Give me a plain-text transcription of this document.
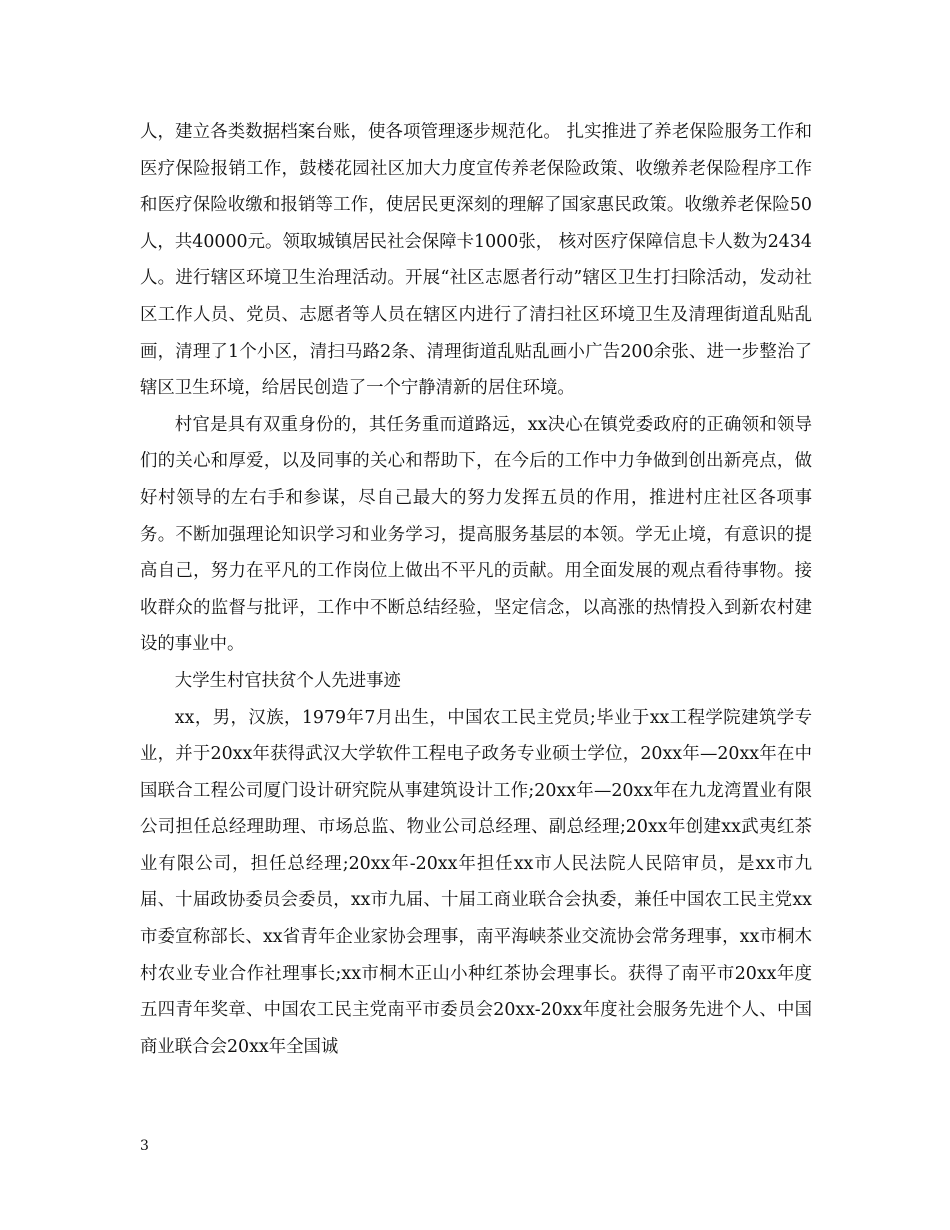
人，建立各类数据档案台账，使各项管理逐步规范化。 扎实推进了养老保险服务工作和医疗保险报销工作，鼓楼花园社区加大力度宣传养老保险政策、收缴养老保险程序工作和医疗保险收缴和报销等工作，使居民更深刻的理解了国家惠民政策。收缴养老保险50人，共40000元。领取城镇居民社会保障卡1000张， 核对医疗保障信息卡人数为2434人。进行辖区环境卫生治理活动。开展“社区志愿者行动”辖区卫生打扫除活动，发动社区工作人员、党员、志愿者等人员在辖区内进行了清扫社区环境卫生及清理街道乱贴乱画，清理了1个小区，清扫马路2条、清理街道乱贴乱画小广告200余张、进一步整治了辖区卫生环境，给居民创造了一个宁静清新的居住环境。

村官是具有双重身份的，其任务重而道路远，xx决心在镇党委政府的正确领和领导们的关心和厚爱，以及同事的关心和帮助下，在今后的工作中力争做到创出新亮点，做好村领导的左右手和参谋，尽自己最大的努力发挥五员的作用，推进村庄社区各项事务。不断加强理论知识学习和业务学习，提高服务基层的本领。学无止境，有意识的提高自己，努力在平凡的工作岗位上做出不平凡的贡献。用全面发展的观点看待事物。接收群众的监督与批评，工作中不断总结经验，坚定信念，以高涨的热情投入到新农村建设的事业中。

大学生村官扶贫个人先进事迹

xx，男，汉族，1979年7月出生，中国农工民主党员;毕业于xx工程学院建筑学专业，并于20xx年获得武汉大学软件工程电子政务专业硕士学位，20xx年—20xx年在中国联合工程公司厦门设计研究院从事建筑设计工作;20xx年—20xx年在九龙湾置业有限公司担任总经理助理、市场总监、物业公司总经理、副总经理;20xx年创建xx武夷红茶业有限公司，担任总经理;20xx年-20xx年担任xx市人民法院人民陪审员，是xx市九届、十届政协委员会委员，xx市九届、十届工商业联合会执委，兼任中国农工民主党xx市委宣称部长、xx省青年企业家协会理事，南平海峡茶业交流协会常务理事，xx市桐木村农业专业合作社理事长;xx市桐木正山小种红茶协会理事长。获得了南平市20xx年度五四青年奖章、中国农工民主党南平市委员会20xx-20xx年度社会服务先进个人、中国商业联合会20xx年全国诚

3
